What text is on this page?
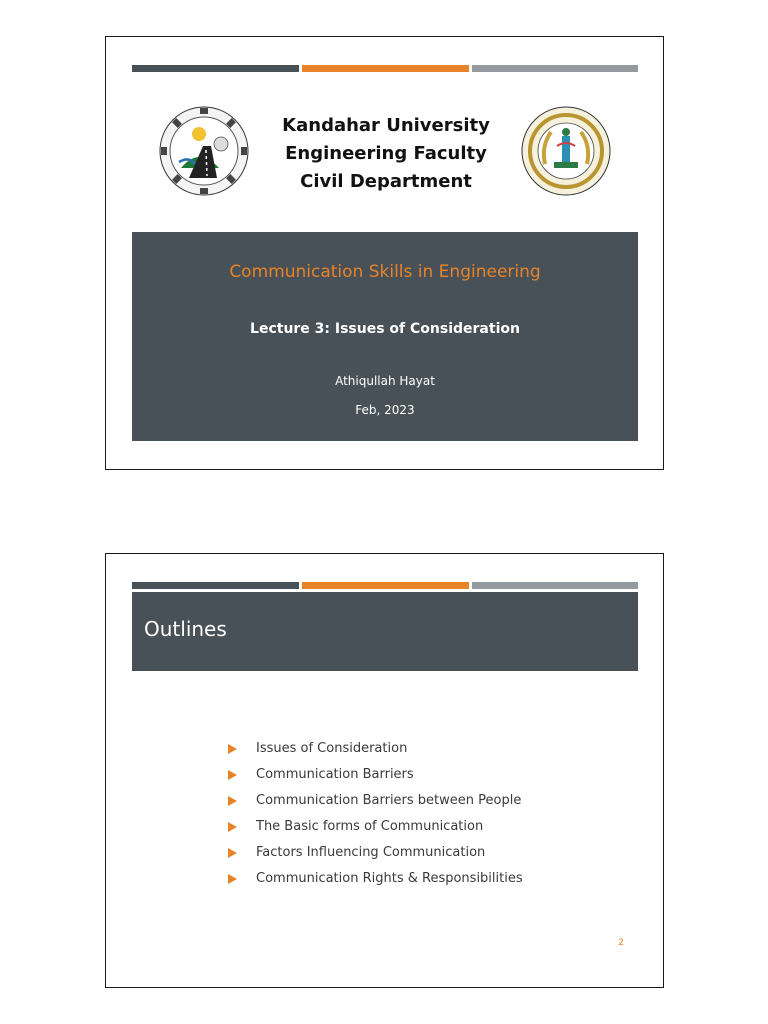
Kandahar University
Engineering Faculty
Civil Department
Communication Skills in Engineering
Lecture 3: Issues of Consideration
Athiqullah Hayat
Feb, 2023
Outlines
Issues of Consideration
Communication Barriers
Communication Barriers between People
The Basic forms of Communication
Factors Influencing Communication
Communication Rights & Responsibilities
2
